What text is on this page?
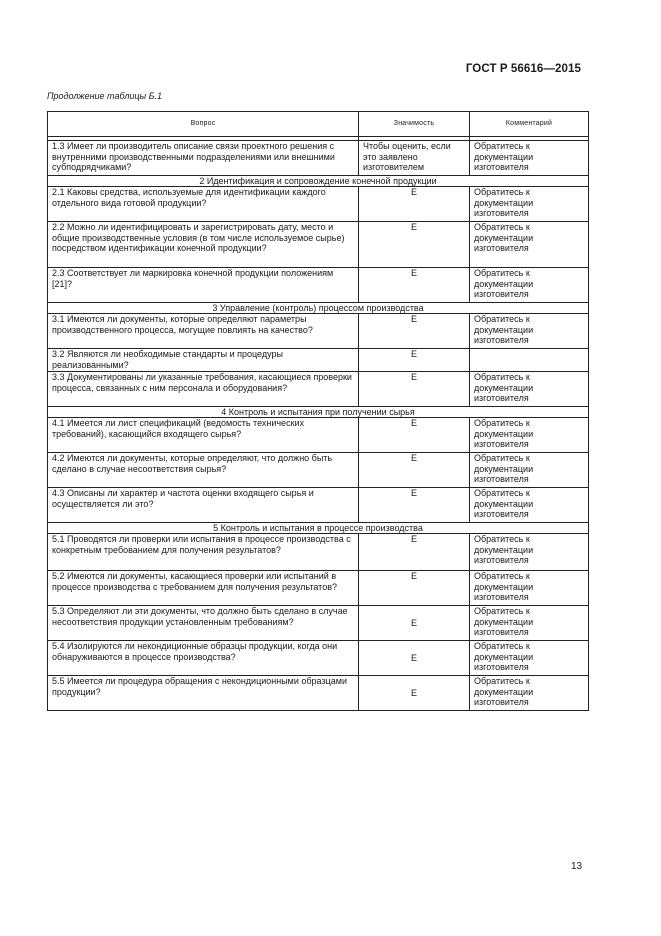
ГОСТ Р 56616—2015
Продолжение таблицы Б.1
Вопрос	Значимость	Комментарий

1.3 Имеет ли производитель описание связи проектного решения с внутренними производственными подразделениями или внешними субподрядчиками?	Чтобы оценить, если это заявлено изготовителем	Обратитесь к документации изготовителя
2 Идентификация и сопровождение конечной продукции		
2.1 Каковы средства, используемые для идентификации каждого отдельного вида готовой продукции?	Е	Обратитесь к документации изготовителя
2.2 Можно ли идентифицировать и зарегистрировать дату, место и общие производственные условия (в том числе используемое сырье) посредством идентификации конечной продукции?	Е	Обратитесь к документации изготовителя
2.3 Соответствует ли маркировка конечной продукции положениям [21]?	Е	Обратитесь к документации изготовителя
3 Управление (контроль) процессом производства		
3.1 Имеются ли документы, которые определяют параметры производственного процесса, могущие повлиять на качество?	Е	Обратитесь к документации изготовителя
3.2 Являются ли необходимые стандарты и процедуры реализованными?	Е	
3.3 Документированы ли указанные требования, касающиеся проверки процесса, связанных с ним персонала и оборудования?	Е	Обратитесь к документации изготовителя
4 Контроль и испытания при получении сырья		
4.1 Имеется ли лист спецификаций (ведомость технических требований), касающийся входящего сырья?	Е	Обратитесь к документации изготовителя
4.2 Имеются ли документы, которые определяют, что должно быть сделано в случае несоответствия сырья?	Е	Обратитесь к документации изготовителя
4.3 Описаны ли характер и частота оценки входящего сырья и осуществляется ли это?	Е	Обратитесь к документации изготовителя
5 Контроль и испытания в процессе производства		
5.1 Проводятся ли проверки или испытания в процессе производства с конкретным требованием для получения результатов?	Е	Обратитесь к документации изготовителя
5.2 Имеются ли документы, касающиеся проверки или испытаний в процессе производства с требованием для получения результатов?	Е	Обратитесь к документации изготовителя
5.3 Определяют ли эти документы, что должно быть сделано в случае несоответствия продукции установленным требованиям?	Е	Обратитесь к документации изготовителя
5.4 Изолируются ли некондиционные образцы продукции, когда они обнаруживаются в процессе производства?	Е	Обратитесь к документации изготовителя
5.5 Имеется ли процедура обращения с некондиционными образцами продукции?	Е	Обратитесь к документации изготовителя
13
